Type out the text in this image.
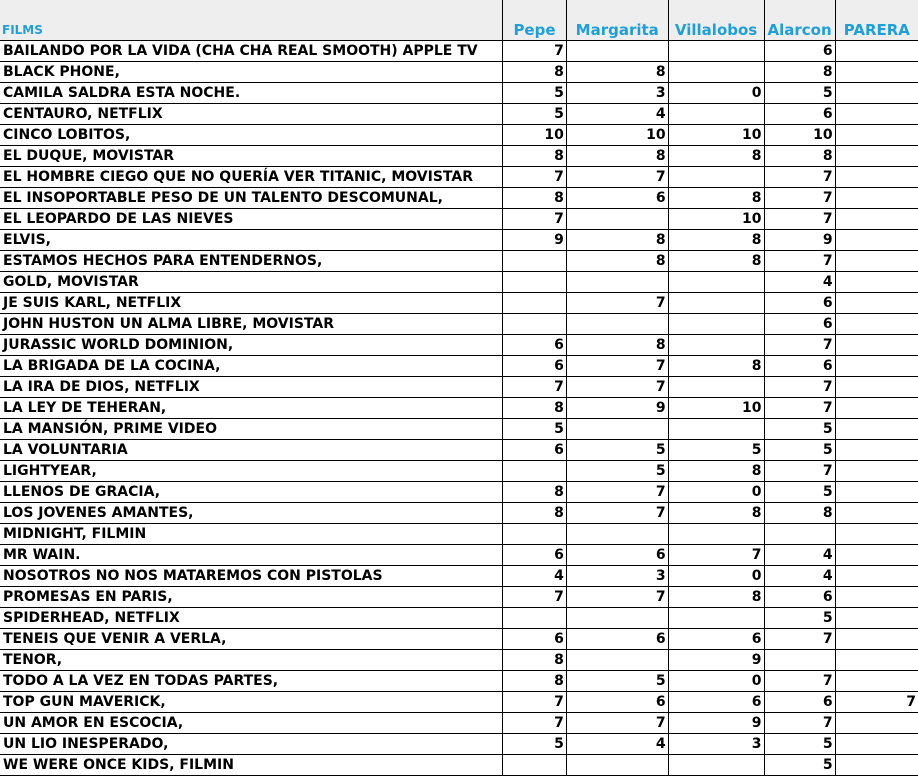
FILMS	Pepe	Margarita	Villalobos	Alarcon	PARERA
BAILANDO POR LA VIDA (CHA CHA REAL SMOOTH) APPLE TV	7			6	
BLACK PHONE,	8	8		8	
CAMILA SALDRA ESTA NOCHE.	5	3	0	5	
CENTAURO, NETFLIX	5	4		6	
CINCO LOBITOS,	10	10	10	10	
EL DUQUE, MOVISTAR	8	8	8	8	
EL HOMBRE CIEGO QUE NO QUERÍA VER TITANIC, MOVISTAR	7	7		7	
EL INSOPORTABLE PESO DE UN TALENTO DESCOMUNAL,	8	6	8	7	
EL LEOPARDO DE LAS NIEVES	7		10	7	
ELVIS,	9	8	8	9	
ESTAMOS HECHOS PARA ENTENDERNOS,		8	8	7	
GOLD, MOVISTAR				4	
JE SUIS KARL, NETFLIX		7		6	
JOHN HUSTON UN ALMA LIBRE, MOVISTAR				6	
JURASSIC WORLD DOMINION,	6	8		7	
LA BRIGADA DE LA COCINA,	6	7	8	6	
LA IRA DE DIOS, NETFLIX	7	7		7	
LA LEY DE TEHERAN,	8	9	10	7	
LA MANSIÓN, PRIME VIDEO	5			5	
LA VOLUNTARIA	6	5	5	5	
LIGHTYEAR,		5	8	7	
LLENOS DE GRACIA,	8	7	0	5	
LOS JOVENES AMANTES,	8	7	8	8	
MIDNIGHT, FILMIN					
MR WAIN.	6	6	7	4	
NOSOTROS NO NOS MATAREMOS CON PISTOLAS	4	3	0	4	
PROMESAS EN PARIS,	7	7	8	6	
SPIDERHEAD, NETFLIX				5	
TENEIS QUE VENIR A VERLA,	6	6	6	7	
TENOR,	8		9		
TODO A LA VEZ EN TODAS PARTES,	8	5	0	7	
TOP GUN MAVERICK,	7	6	6	6	7
UN AMOR EN ESCOCIA,	7	7	9	7	
UN LIO INESPERADO,	5	4	3	5	
WE WERE ONCE KIDS, FILMIN				5	
